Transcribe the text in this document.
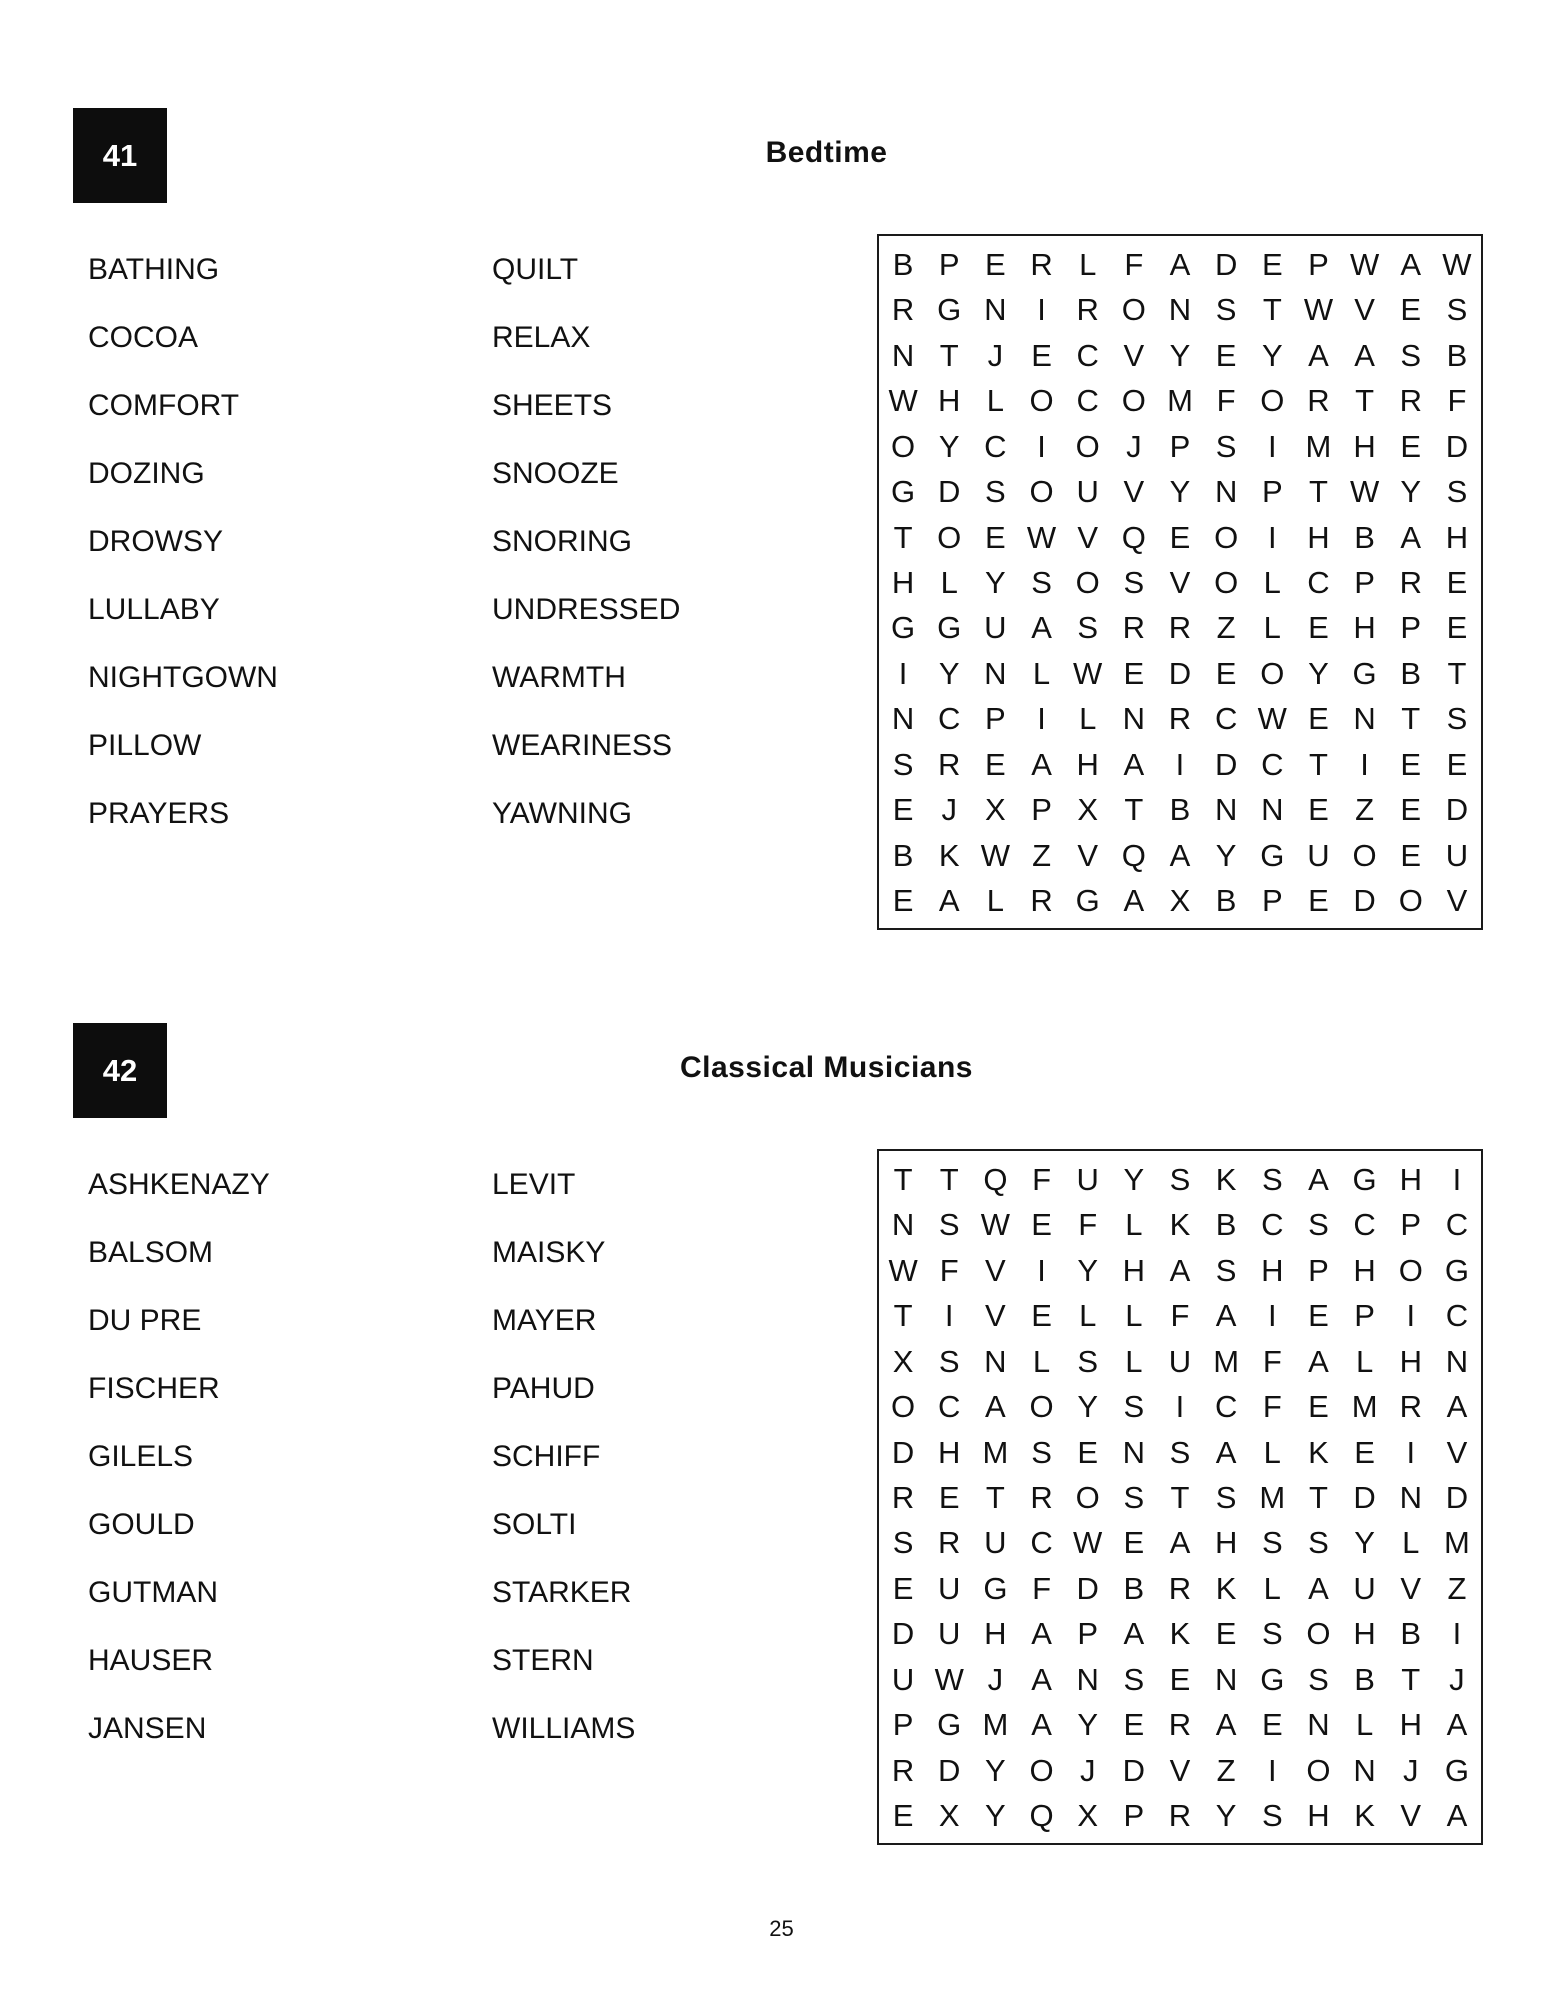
41	Bedtime
BATHING
COCOA
COMFORT
DOZING
DROWSY
LULLABY
NIGHTGOWN
PILLOW
PRAYERS
QUILT
RELAX
SHEETS
SNOOZE
SNORING
UNDRESSED
WARMTH
WEARINESS
YAWNING
B P E R L F A D E P W A W
R G N I R O N S T W V E S
N T J E C V Y E Y A A S B
W H L O C O M F O R T R F
O Y C I O J P S	I M H E D
G D S O U V Y N P T W Y S
T O E W V Q E O I H B A H
H L Y S O S V O L C P R E
G G U A S R R Z L E H P E
I	Y N L W E D E O Y G B T
N C P	I	L N R C W E N T S
S R E A H A	I D C T	I	E E
E J X P X T B N N E Z E D
B K W Z V Q A Y G U O E U
E A L R G A X B P E D O V
42	Classical Musicians
ASHKENAZY
BALSOM
DU PRE
FISCHER
GILELS
GOULD
GUTMAN
HAUSER
JANSEN
LEVIT
MAISKY
MAYER
PAHUD
SCHIFF
SOLTI
STARKER
STERN
WILLIAMS
T T Q F U Y S K S A G H I
N S W E F L K B C S C P C
W F V	I	Y H A S H P H O G
T	I	V E L L F A	I	E P	I C
X S N L S L U M F A L H N
O C A O Y S	I C F E M R A
D H M S E N S A L K E	I	V
R E T R O S T S M T D N D
S R U C W E A H S S Y L M
E U G F D B R K L A U V Z
D U H A P A K E S O H B	I
U W J A N S E N G S B T J
P G M A Y E R A E N L H A
R D Y O J D V Z	I O N J G
E X Y Q X P R Y S H K V A
25
